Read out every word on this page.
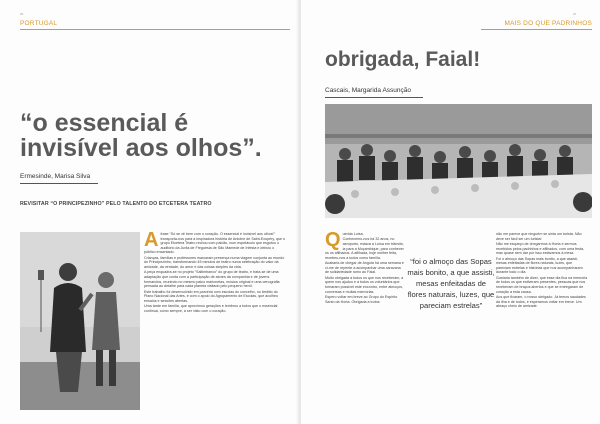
26
PORTUGAL
“o essencial é invisível aos olhos”.
Ermesinde, Marisa Silva
REVISITAR “O PRINCIPEZINHO” PELO TALENTO DO ETCETERA TEATRO
A frase “Só se vê bem com o coração. O essencial é invisível aos olhos!” transporta-nos para a inspiradora história de Antoine de Saint-Exupéry, que o grupo Etcetera Teatro recriou com paixão, num espetáculo que esgotou o auditório da Junta de Freguesia de São Mamede de Infesta e deixou o público encantado.

Crianças, famílias e professores marcaram presença numa viagem conjunta ao mundo do Principezinho, transformando 45 minutos de teatro numa celebração do valor da amizade, da verdade, do amor e das coisas simples da vida.

A peça enquadra-se no projeto “Saltimbanco” do grupo de teatro, e trata-se de uma adaptação que conta com a participação de atores da companhia e de jovens formandos, reunindo no mesmo palco marionetas, música original e uma cenografia pensada ao detalhe para cada planeta visitado pelo pequeno herói.

Este trabalho foi desenvolvido em parceria com escolas do concelho, no âmbito do Plano Nacional das Artes, e com o apoio do Agrupamento de Escolas, que acolheu ensaios e sessões abertas.

Uma tarde em família, que aproximou gerações e lembrou a todos que o essencial continua, como sempre, a ser visto com o coração.

27
MAIS DO QUE PADRINHOS
obrigada, Faial!
Cascais, Margarida Assunção
Q uerida Luísa,

Conhecemo-nos há 32 anos, no aeroporto, estava a Luísa em trânsito, ia para a Moçambique, para conhecer os os afilhados. A afilhada, hoje mulher feita, recebeu-nos a todos como família.

Acabaria de chegar de Angola há uma semana e vi-me de repente a acompanhar uma caravana de solidariedade rumo ao Faial.

Muito obrigada a todos os que nos receberam, a quem nos ajudou e a todos os voluntários que tornaram possível este encontro, entre almoços, conversas e muitas memórias.

Espero voltar em breve ao Grupo do Espírito Santo da Horta. Obrigada a todos.

“foi o almoço das Sopas mais bonito, a que assisti, mesas enfeitadas de flores naturais, luzes, que pareciam estrelas”

não me parece que ninguém se sinta um turista. Não deve ser fácil ser um turista!

Não me esqueço de chegarmos à Horta e sermos recebidos pelos padrinhos e afilhados, com uma festa, mas quase sem dar por isso estávamos à mesa.

Foi o almoço das Sopas mais bonito, a que assisti, mesas enfeitadas de flores naturais, luzes, que pareciam estrelas e histórias que nos acompanharam durante todo o dia.

Gostaria também de dizer, que esse dia fica na memória de todos os que estiveram presentes, pessoas que nos receberam de braços abertos e que se entregaram de coração a esta causa.

Aos que ficaram, o nosso obrigado. Já temos saudades da ilha e de todos, e esperamos voltar em breve. Um abraço cheio de amizade.
